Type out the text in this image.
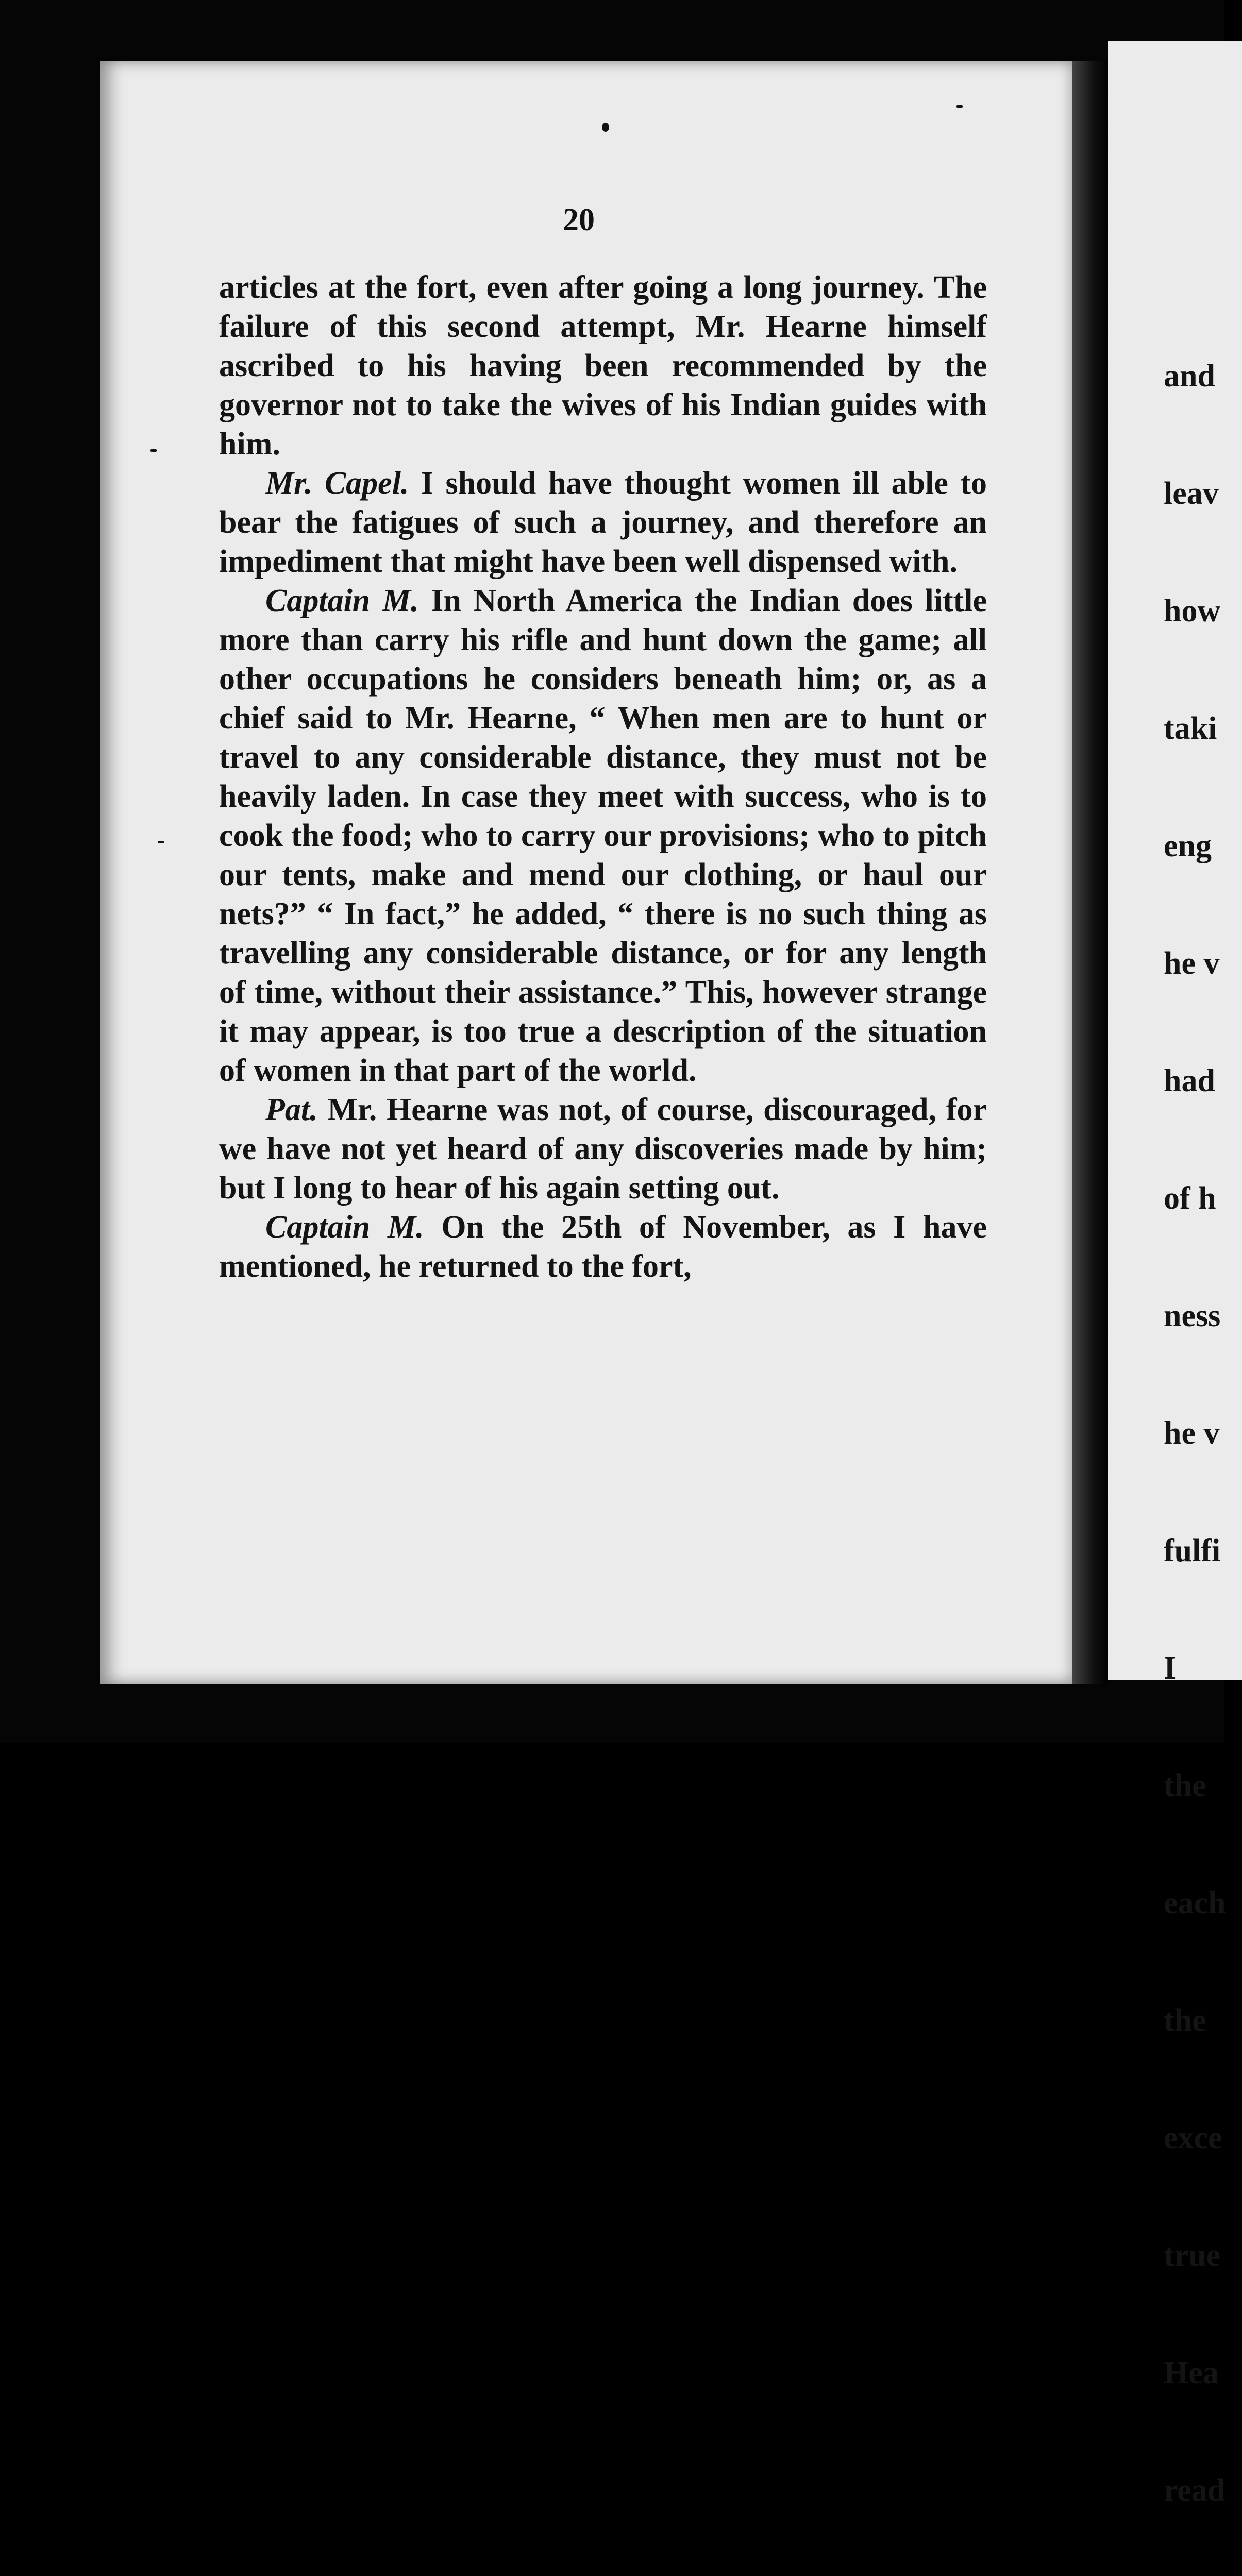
20

articles at the fort, even after going a long journey. The failure of this second attempt, Mr. Hearne himself ascribed to his having been recommended by the governor not to take the wives of his Indian guides with him.

Mr. Capel. I should have thought women ill able to bear the fatigues of such a journey, and therefore an impediment that might have been well dispensed with.

Captain M. In North America the Indian does little more than carry his rifle and hunt down the game; all other occupations he considers beneath him; or, as a chief said to Mr. Hearne, “ When men are to hunt or travel to any considerable distance, they must not be heavily laden. In case they meet with success, who is to cook the food; who to carry our provisions; who to pitch our tents, make and mend our clothing, or haul our nets?” “ In fact,” he added, “ there is no such thing as travelling any considerable distance, or for any length of time, without their assistance.” This, however strange it may appear, is too true a description of the situation of women in that part of the world.

Pat. Mr. Hearne was not, of course, discouraged, for we have not yet heard of any discoveries made by him; but I long to hear of his again setting out.

Captain M. On the 25th of November, as I have mentioned, he returned to the fort,

and

leav

how

taki

eng

he v

had

of h

ness

he v

fulfi

I

the

each

the

exce

true

Hea

read
